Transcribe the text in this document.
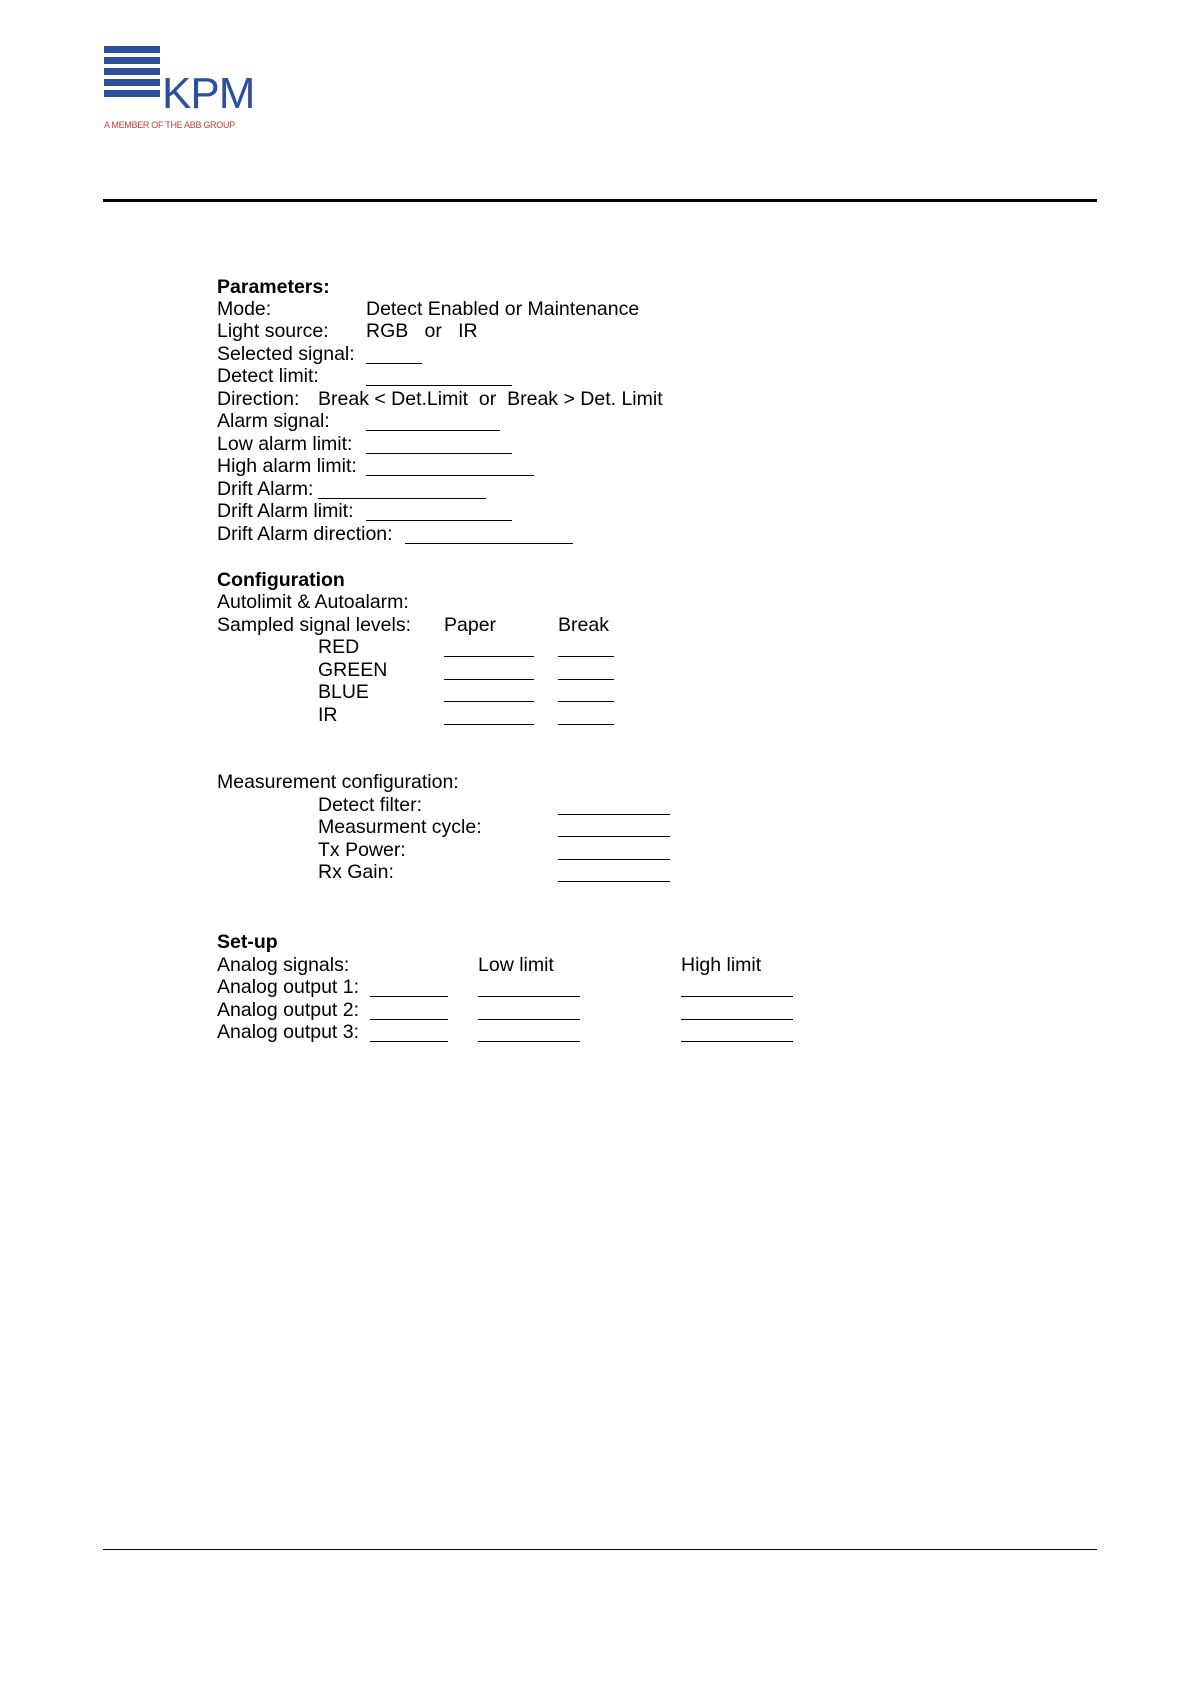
KPM
A MEMBER OF THE ABB GROUP
Parameters:
Mode:	Detect Enabled or Maintenance
Light source: RGB   or   IR
Selected signal:
Detect limit:
Direction: Break < Det.Limit  or  Break > Det. Limit
Alarm signal:
Low alarm limit:
High alarm limit:
Drift Alarm:
Drift Alarm limit:
Drift Alarm direction:
Configuration
Autolimit & Autoalarm:
Sampled signal levels: Paper	Break
RED
GREEN
BLUE
IR
Measurement configuration:
Detect filter:
Measurment cycle:
Tx Power:
Rx Gain:
Set-up
Analog signals:	Low limit	High limit
Analog output 1:
Analog output 2:
Analog output 3:
